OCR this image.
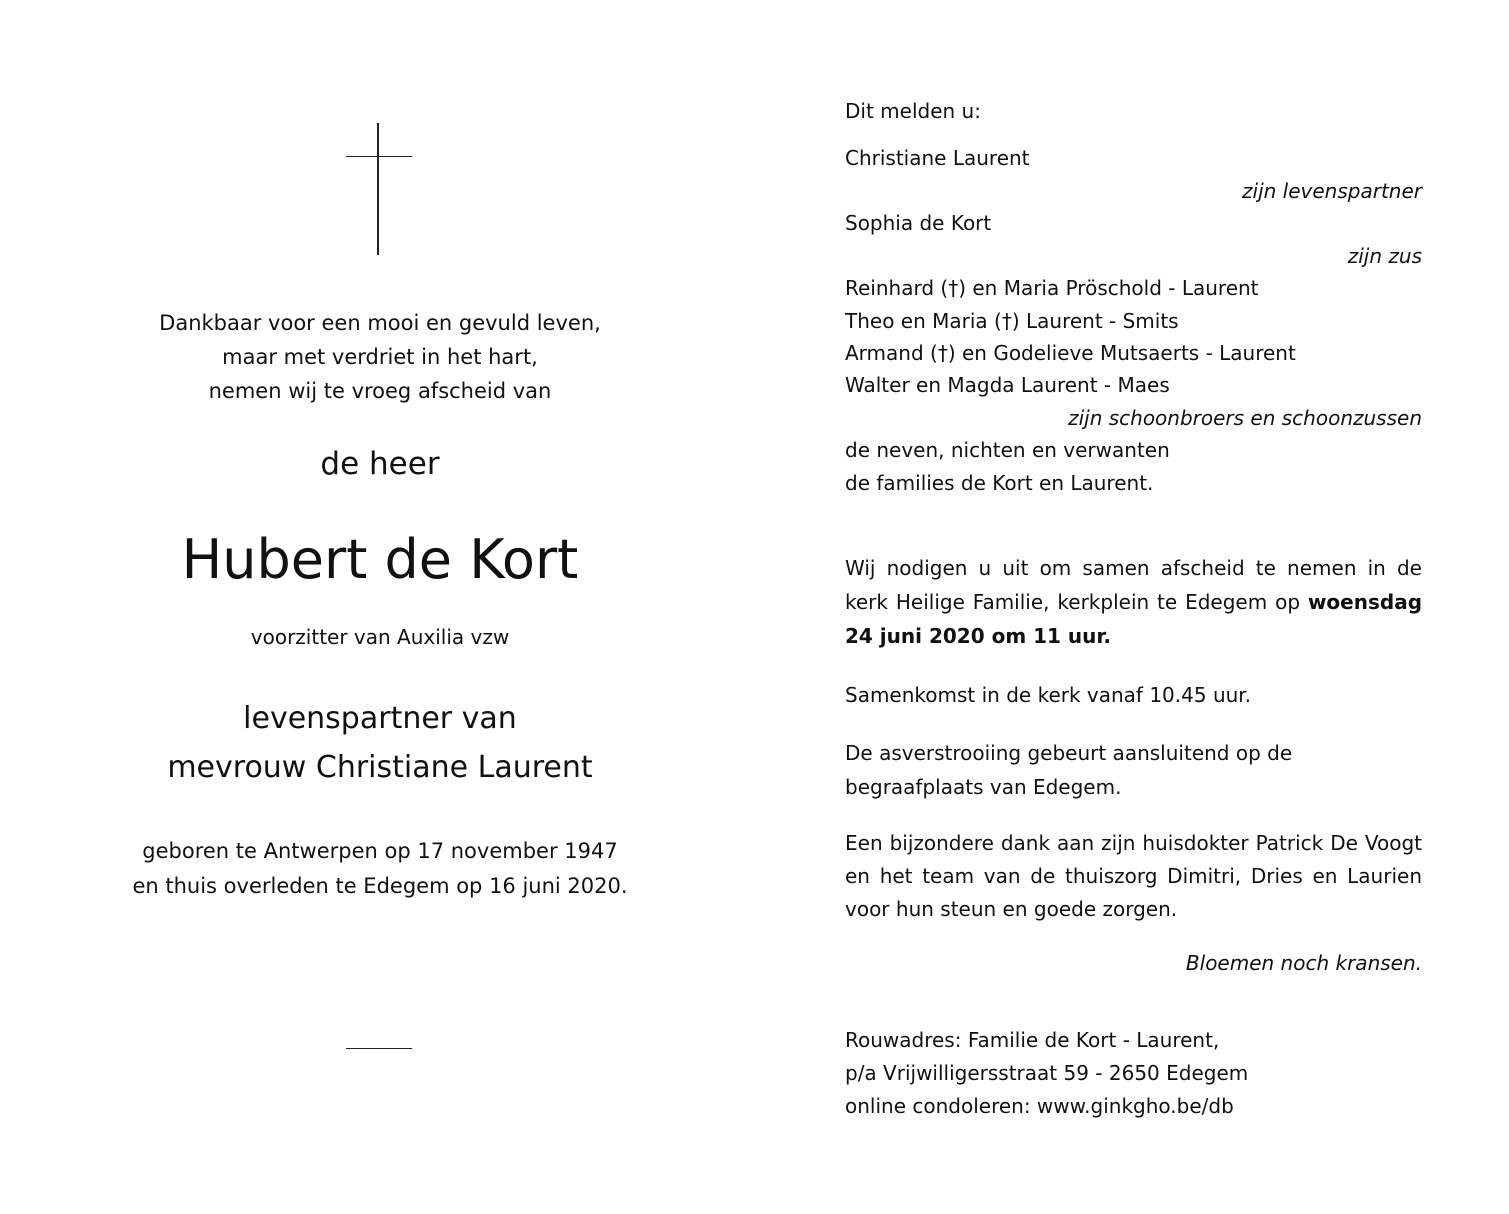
Dankbaar voor een mooi en gevuld leven,
maar met verdriet in het hart,
nemen wij te vroeg afscheid van
de heer
Hubert de Kort
voorzitter van Auxilia vzw
levenspartner van
mevrouw Christiane Laurent
geboren te Antwerpen op 17 november 1947
en thuis overleden te Edegem op 16 juni 2020.
Dit melden u:
Christiane Laurent
zijn levenspartner
Sophia de Kort
zijn zus
Reinhard (†) en Maria Pröschold - Laurent
Theo en Maria (†) Laurent - Smits
Armand (†) en Godelieve Mutsaerts - Laurent
Walter en Magda Laurent - Maes
zijn schoonbroers en schoonzussen
de neven, nichten en verwanten
de families de Kort en Laurent.
Wij nodigen u uit om samen afscheid te nemen in de kerk Heilige Familie, kerkplein te Edegem op woensdag 24 juni 2020 om 11 uur.
Samenkomst in de kerk vanaf 10.45 uur.
De asverstrooiing gebeurt aansluitend op de begraafplaats van Edegem.
Een bijzondere dank aan zijn huisdokter Patrick De Voogt en het team van de thuiszorg Dimitri, Dries en Laurien voor hun steun en goede zorgen.
Bloemen noch kransen.
Rouwadres: Familie de Kort - Laurent,
p/a Vrijwilligersstraat 59 - 2650 Edegem
online condoleren: www.ginkgho.be/db
